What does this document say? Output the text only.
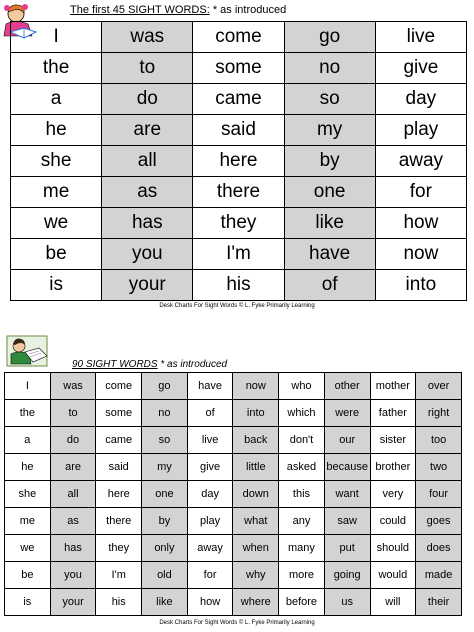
The first 45 SIGHT WORDS: * as introduced
I	was	come	go	live
the	to	some	no	give
a	do	came	so	day
he	are	said	my	play
she	all	here	by	away
me	as	there	one	for
we	has	they	like	how
be	you	I'm	have	now
is	your	his	of	into
Desk Charts For Sight Words © L. Fyke Primarily Learning
90 SIGHT WORDS * as introduced
I	was	come	go	have	now	who	other	mother	over
the	to	some	no	of	into	which	were	father	right
a	do	came	so	live	back	don't	our	sister	too
he	are	said	my	give	little	asked	because	brother	two
she	all	here	one	day	down	this	want	very	four
me	as	there	by	play	what	any	saw	could	goes
we	has	they	only	away	when	many	put	should	does
be	you	I'm	old	for	why	more	going	would	made
is	your	his	like	how	where	before	us	will	their
Desk Charts For Sight Words © L. Fyke Primarily Learning
